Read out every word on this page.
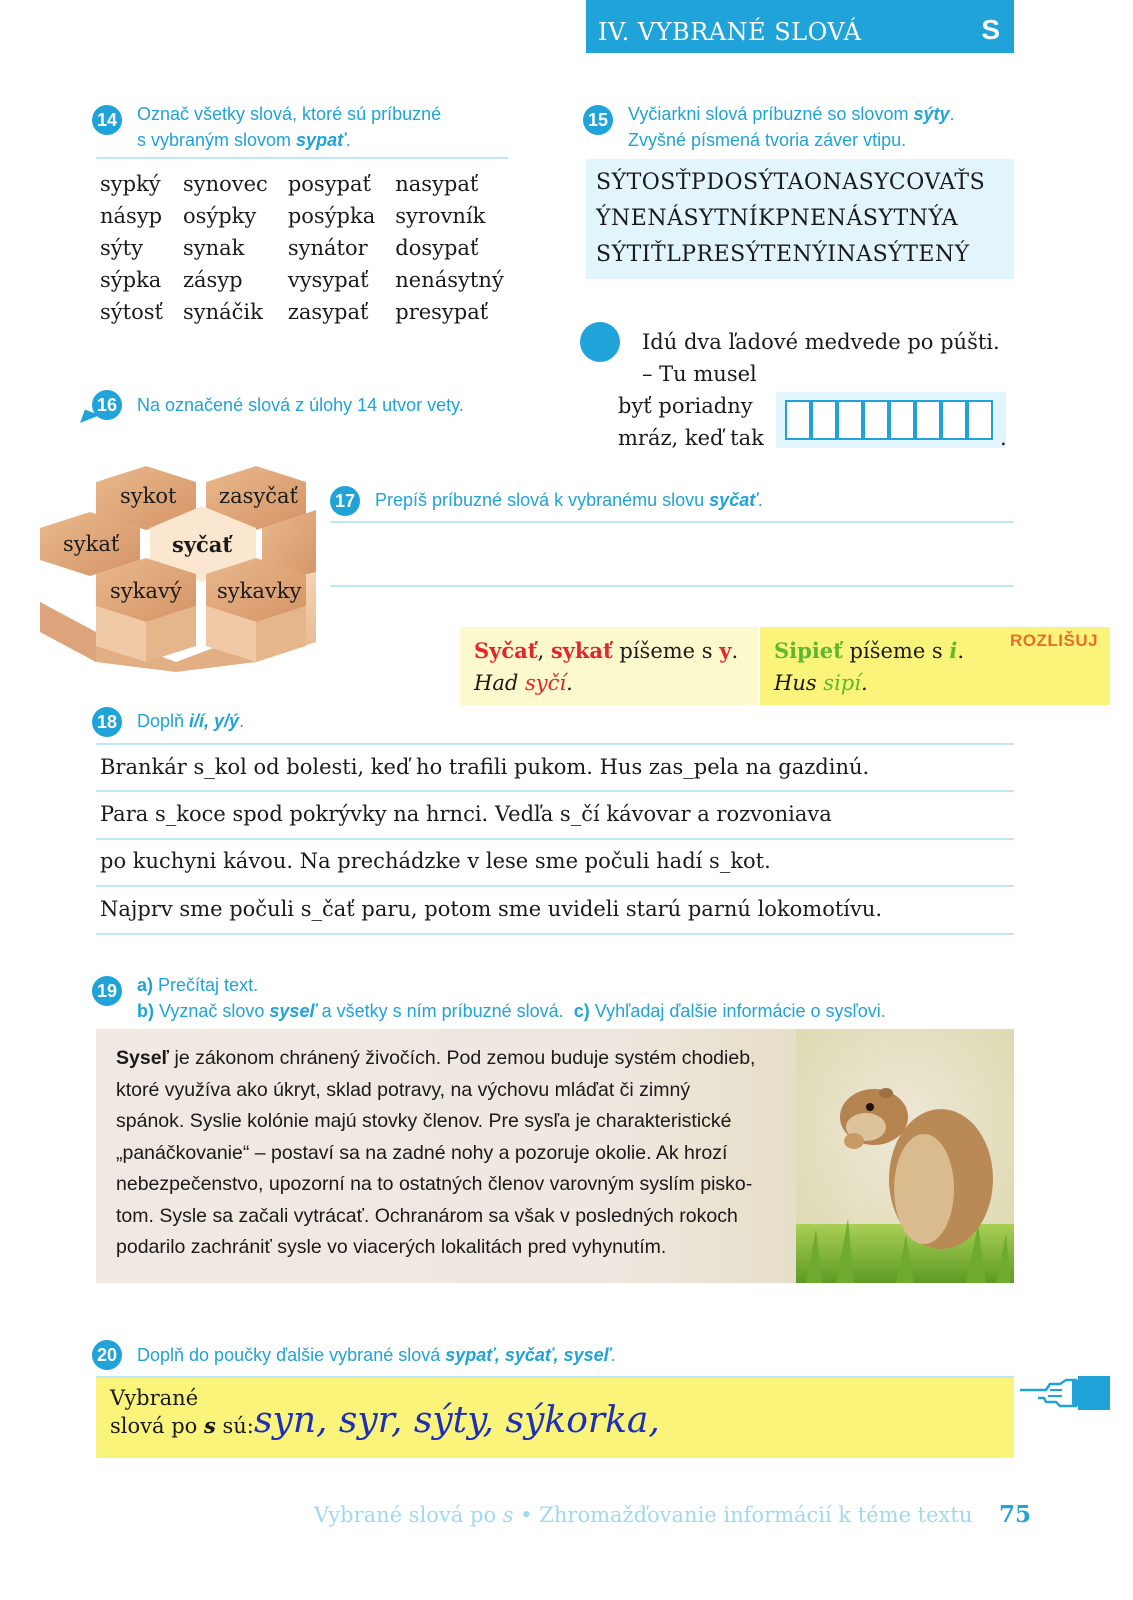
IV. VYBRANÉ SLOVÁ	S
14 Označ všetky slová, ktoré sú príbuzné
s vybraným slovom sypať.
sypký	synovec	posypať	nasypať
násyp	osýpky	posýpka	syrovník
sýty	synak	synátor	dosypať
sýpka	zásyp	vysypať	nenásytný
sýtosť	synáčik	zasypať	presypať
15 Vyčiarkni slová príbuzné so slovom sýty.
Zvyšné písmená tvoria záver vtipu.
SÝTOSŤPDOSÝTAONASYCOVAŤS
ÝNENÁSYTNÍKPNENÁSYTNÝA
SÝTIŤLPRESÝTENÝINASÝTENÝ
Idú dva ľadové medvede po púšti.
– Tu musel
byť poriadny
mráz, keď tak	.
16 Na označené slová z úlohy 14 utvor vety.
sykot zasyčať
sykať	syčať
sykavý sykavky
17 Prepíš príbuzné slová k vybranému slovu syčať.
Syčať, sykať píšeme s y.
Had syčí.
Sipieť píšeme s i.
Hus sipí.
ROZLIŠUJ
18 Doplň i/í, y/ý.
Brankár s_kol od bolesti, keď ho trafili pukom. Hus zas_pela na gazdinú.
Para s_koce spod pokrývky na hrnci. Vedľa s_čí kávovar a rozvoniava
po kuchyni kávou. Na prechádzke v lese sme počuli hadí s_kot.
Najprv sme počuli s_čať paru, potom sme uvideli starú parnú lokomotívu.
19 a) Prečítaj text.
b) Vyznač slovo syseľ a všetky s ním príbuzné slová. c) Vyhľadaj ďalšie informácie o sysľovi.
Syseľ je zákonom chránený živočích. Pod zemou buduje systém chodieb,
ktoré využíva ako úkryt, sklad potravy, na výchovu mláďat či zimný
spánok. Syslie kolónie majú stovky členov. Pre sysľa je charakteristické
„panáčkovanie“ – postaví sa na zadné nohy a pozoruje okolie. Ak hrozí
nebezpečenstvo, upozorní na to ostatných členov varovným syslím pisko-
tom. Sysle sa začali vytrácať. Ochranárom sa však v posledných rokoch
podarilo zachrániť sysle vo viacerých lokalitách pred vyhynutím.
20 Doplň do poučky ďalšie vybrané slová sypať, syčať, syseľ.
Vybrané
slová po s sú: syn, syr, sýty, sýkorka,
Vybrané slová po s • Zhromažďovanie informácií k téme textu 75
